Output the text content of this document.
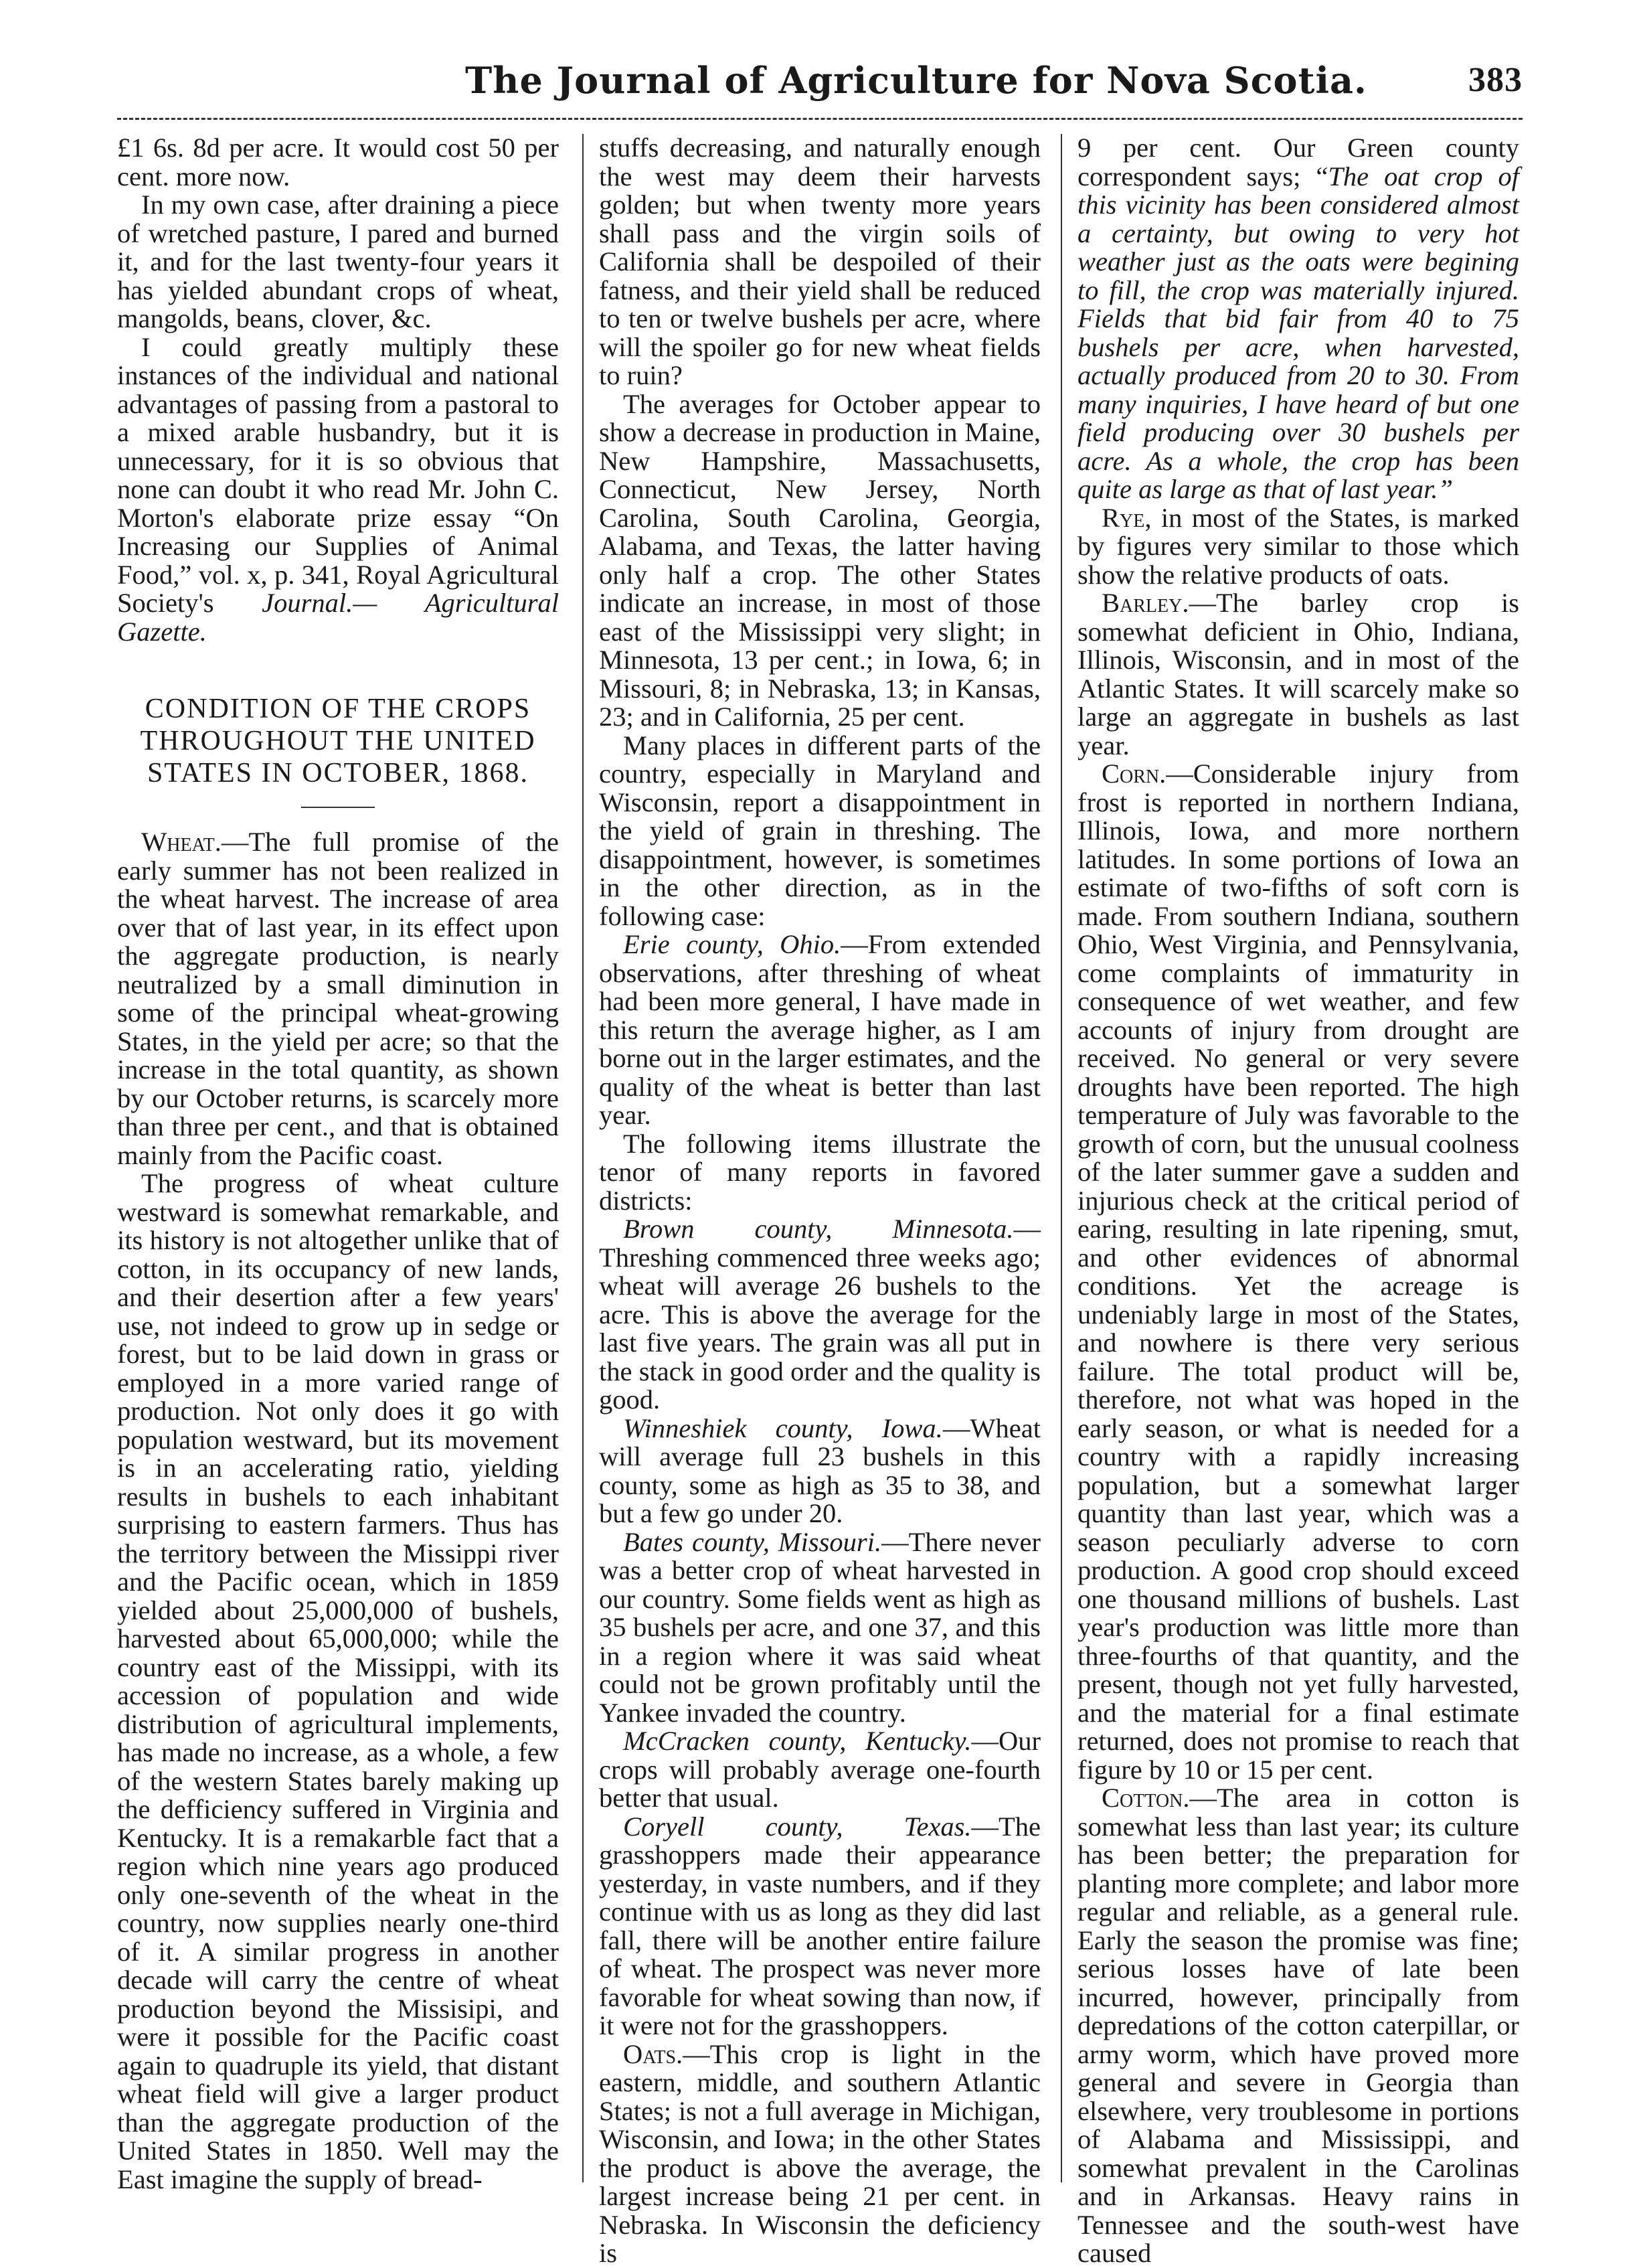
The Journal of Agriculture for Nova Scotia.	383

£1 6s. 8d per acre. It would cost 50 per cent. more now.

In my own case, after draining a piece of wretched pasture, I pared and burned it, and for the last twenty-four years it has yielded abundant crops of wheat, mangolds, beans, clover, &c.

I could greatly multiply these instances of the individual and national advantages of passing from a pastoral to a mixed arable husbandry, but it is unnecessary, for it is so obvious that none can doubt it who read Mr. John C. Morton's elaborate prize essay “On Increasing our Supplies of Animal Food,” vol. x, p. 341, Royal Agricultural Society's Journal.— Agricultural Gazette.

CONDITION OF THE CROPS THROUGHOUT THE UNITED STATES IN OCTOBER, 1868.

Wheat.—The full promise of the early summer has not been realized in the wheat harvest. The increase of area over that of last year, in its effect upon the aggregate production, is nearly neutralized by a small diminution in some of the principal wheat-growing States, in the yield per acre; so that the increase in the total quantity, as shown by our October returns, is scarcely more than three per cent., and that is obtained mainly from the Pacific coast.

The progress of wheat culture westward is somewhat remarkable, and its history is not altogether unlike that of cotton, in its occupancy of new lands, and their desertion after a few years' use, not indeed to grow up in sedge or forest, but to be laid down in grass or employed in a more varied range of production. Not only does it go with population westward, but its movement is in an accelerating ratio, yielding results in bushels to each inhabitant surprising to eastern farmers. Thus has the territory between the Missippi river and the Pacific ocean, which in 1859 yielded about 25,000,000 of bushels, harvested about 65,000,000; while the country east of the Missippi, with its accession of population and wide distribution of agricultural implements, has made no increase, as a whole, a few of the western States barely making up the defficiency suffered in Virginia and Kentucky. It is a remakarble fact that a region which nine years ago produced only one-seventh of the wheat in the country, now supplies nearly one-third of it. A similar progress in another decade will carry the centre of wheat production beyond the Missisipi, and were it possible for the Pacific coast again to quadruple its yield, that distant wheat field will give a larger product than the aggregate production of the United States in 1850. Well may the East imagine the supply of bread-

stuffs decreasing, and naturally enough the west may deem their harvests golden; but when twenty more years shall pass and the virgin soils of California shall be despoiled of their fatness, and their yield shall be reduced to ten or twelve bushels per acre, where will the spoiler go for new wheat fields to ruin?

The averages for October appear to show a decrease in production in Maine, New Hampshire, Massachusetts, Connecticut, New Jersey, North Carolina, South Carolina, Georgia, Alabama, and Texas, the latter having only half a crop. The other States indicate an increase, in most of those east of the Mississippi very slight; in Minnesota, 13 per cent.; in Iowa, 6; in Missouri, 8; in Nebraska, 13; in Kansas, 23; and in California, 25 per cent.

Many places in different parts of the country, especially in Maryland and Wisconsin, report a disappointment in the yield of grain in threshing. The disappointment, however, is sometimes in the other direction, as in the following case:

Erie county, Ohio.—From extended observations, after threshing of wheat had been more general, I have made in this return the average higher, as I am borne out in the larger estimates, and the quality of the wheat is better than last year.

The following items illustrate the tenor of many reports in favored districts:

Brown county, Minnesota.—Threshing commenced three weeks ago; wheat will average 26 bushels to the acre. This is above the average for the last five years. The grain was all put in the stack in good order and the quality is good.

Winneshiek county, Iowa.—Wheat will average full 23 bushels in this county, some as high as 35 to 38, and but a few go under 20.

Bates county, Missouri.—There never was a better crop of wheat harvested in our country. Some fields went as high as 35 bushels per acre, and one 37, and this in a region where it was said wheat could not be grown profitably until the Yankee invaded the country.

McCracken county, Kentucky.—Our crops will probably average one-fourth better that usual.

Coryell county, Texas.—The grasshoppers made their appearance yesterday, in vaste numbers, and if they continue with us as long as they did last fall, there will be another entire failure of wheat. The prospect was never more favorable for wheat sowing than now, if it were not for the grasshoppers.

Oats.—This crop is light in the eastern, middle, and southern Atlantic States; is not a full average in Michigan, Wisconsin, and Iowa; in the other States the product is above the average, the largest increase being 21 per cent. in Nebraska. In Wisconsin the deficiency is

9 per cent. Our Green county correspondent says; “The oat crop of this vicinity has been considered almost a certainty, but owing to very hot weather just as the oats were begining to fill, the crop was materially injured. Fields that bid fair from 40 to 75 bushels per acre, when harvested, actually produced from 20 to 30. From many inquiries, I have heard of but one field producing over 30 bushels per acre. As a whole, the crop has been quite as large as that of last year.”

Rye, in most of the States, is marked by figures very similar to those which show the relative products of oats.

Barley.—The barley crop is somewhat deficient in Ohio, Indiana, Illinois, Wisconsin, and in most of the Atlantic States. It will scarcely make so large an aggregate in bushels as last year.

Corn.—Considerable injury from frost is reported in northern Indiana, Illinois, Iowa, and more northern latitudes. In some portions of Iowa an estimate of two-fifths of soft corn is made. From southern Indiana, southern Ohio, West Virginia, and Pennsylvania, come complaints of immaturity in consequence of wet weather, and few accounts of injury from drought are received. No general or very severe droughts have been reported. The high temperature of July was favorable to the growth of corn, but the unusual coolness of the later summer gave a sudden and injurious check at the critical period of earing, resulting in late ripening, smut, and other evidences of abnormal conditions. Yet the acreage is undeniably large in most of the States, and nowhere is there very serious failure. The total product will be, therefore, not what was hoped in the early season, or what is needed for a country with a rapidly increasing population, but a somewhat larger quantity than last year, which was a season peculiarly adverse to corn production. A good crop should exceed one thousand millions of bushels. Last year's production was little more than three-fourths of that quantity, and the present, though not yet fully harvested, and the material for a final estimate returned, does not promise to reach that figure by 10 or 15 per cent.

Cotton.—The area in cotton is somewhat less than last year; its culture has been better; the preparation for planting more complete; and labor more regular and reliable, as a general rule. Early the season the promise was fine; serious losses have of late been incurred, however, principally from depredations of the cotton caterpillar, or army worm, which have proved more general and severe in Georgia than elsewhere, very troublesome in portions of Alabama and Mississippi, and somewhat prevalent in the Carolinas and in Arkansas. Heavy rains in Tennessee and the south-west have caused
